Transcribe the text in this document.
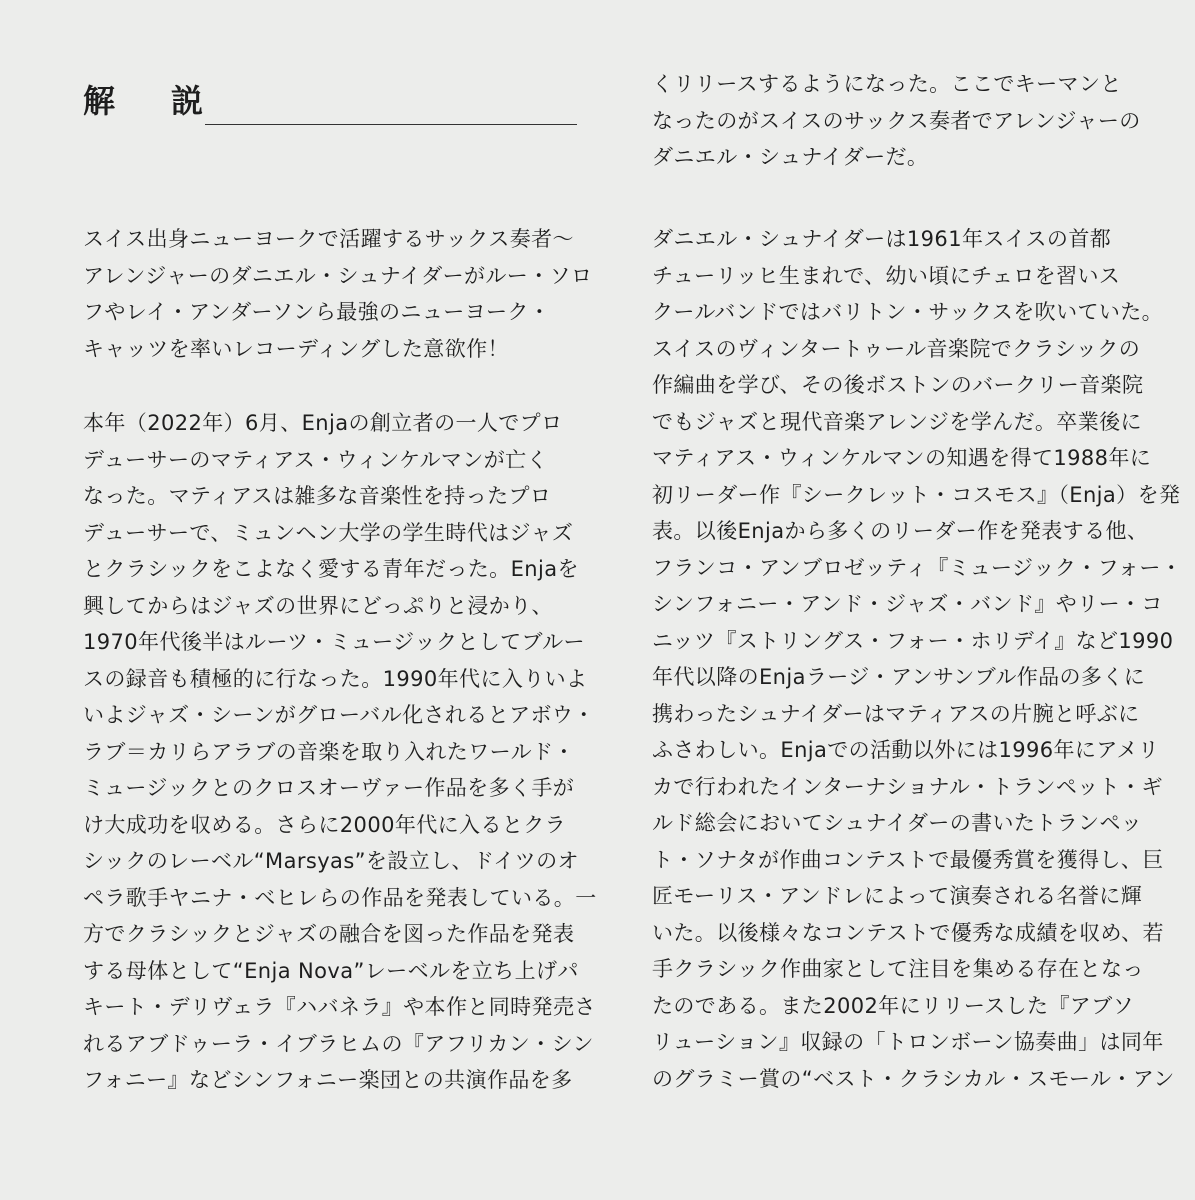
解　説

スイス出身ニューヨークで活躍するサックス奏者〜
アレンジャーのダニエル・シュナイダーがルー・ソロ
フやレイ・アンダーソンら最強のニューヨーク・
キャッツを率いレコーディングした意欲作！

本年（2022年）6月、Enjaの創立者の一人でプロ
デューサーのマティアス・ウィンケルマンが亡く
なった。マティアスは雑多な音楽性を持ったプロ
デューサーで、ミュンヘン大学の学生時代はジャズ
とクラシックをこよなく愛する青年だった。Enjaを
興してからはジャズの世界にどっぷりと浸かり、
1970年代後半はルーツ・ミュージックとしてブルー
スの録音も積極的に行なった。1990年代に入りいよ
いよジャズ・シーンがグローバル化されるとアボウ・
ラブ＝カリらアラブの音楽を取り入れたワールド・
ミュージックとのクロスオーヴァー作品を多く手が
け大成功を収める。さらに2000年代に入るとクラ
シックのレーベル“Marsyas”を設立し、ドイツのオ
ペラ歌手ヤニナ・ベヒレらの作品を発表している。一
方でクラシックとジャズの融合を図った作品を発表
する母体として“Enja Nova”レーベルを立ち上げパ
キート・デリヴェラ『ハバネラ』や本作と同時発売さ
れるアブドゥーラ・イブラヒムの『アフリカン・シン
フォニー』などシンフォニー楽団との共演作品を多

くリリースするようになった。ここでキーマンと
なったのがスイスのサックス奏者でアレンジャーの
ダニエル・シュナイダーだ。

ダニエル・シュナイダーは1961年スイスの首都
チューリッヒ生まれで、幼い頃にチェロを習いス
クールバンドではバリトン・サックスを吹いていた。
スイスのヴィンタートゥール音楽院でクラシックの
作編曲を学び、その後ボストンのバークリー音楽院
でもジャズと現代音楽アレンジを学んだ。卒業後に
マティアス・ウィンケルマンの知遇を得て1988年に
初リーダー作『シークレット・コスモス』（Enja）を発
表。以後Enjaから多くのリーダー作を発表する他、
フランコ・アンブロゼッティ『ミュージック・フォー・
シンフォニー・アンド・ジャズ・バンド』やリー・コ
ニッツ『ストリングス・フォー・ホリデイ』など1990
年代以降のEnjaラージ・アンサンブル作品の多くに
携わったシュナイダーはマティアスの片腕と呼ぶに
ふさわしい。Enjaでの活動以外には1996年にアメリ
カで行われたインターナショナル・トランペット・ギ
ルド総会においてシュナイダーの書いたトランペッ
ト・ソナタが作曲コンテストで最優秀賞を獲得し、巨
匠モーリス・アンドレによって演奏される名誉に輝
いた。以後様々なコンテストで優秀な成績を収め、若
手クラシック作曲家として注目を集める存在となっ
たのである。また2002年にリリースした『アブソ
リューション』収録の「トロンボーン協奏曲」は同年
のグラミー賞の“ベスト・クラシカル・スモール・アン
